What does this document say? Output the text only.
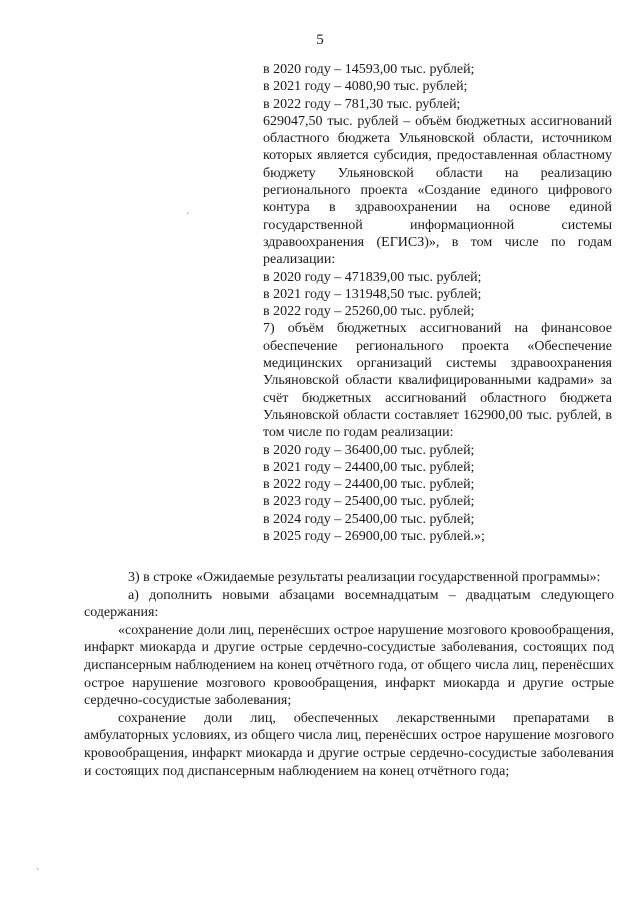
5
в 2020 году – 14593,00 тыс. рублей;
в 2021 году – 4080,90 тыс. рублей;
в 2022 году – 781,30 тыс. рублей;
629047,50 тыс. рублей – объём бюджетных ассигнований областного бюджета Ульяновской области, источником которых является субсидия, предоставленная областному бюджету Ульяновской области на реализацию регионального проекта «Создание единого цифрового контура в здравоохранении на основе единой государственной информационной системы здравоохранения (ЕГИСЗ)», в том числе по годам реализации:
в 2020 году – 471839,00 тыс. рублей;
в 2021 году – 131948,50 тыс. рублей;
в 2022 году – 25260,00 тыс. рублей;
7) объём бюджетных ассигнований на финансовое обеспечение регионального проекта «Обеспечение медицинских организаций системы здравоохранения Ульяновской области квалифицированными кадрами» за счёт бюджетных ассигнований областного бюджета Ульяновской области составляет 162900,00 тыс. рублей, в том числе по годам реализации:
в 2020 году – 36400,00 тыс. рублей;
в 2021 году – 24400,00 тыс. рублей;
в 2022 году – 24400,00 тыс. рублей;
в 2023 году – 25400,00 тыс. рублей;
в 2024 году – 25400,00 тыс. рублей;
в 2025 году – 26900,00 тыс. рублей.»;

3) в строке «Ожидаемые результаты реализации государственной программы»:

а) дополнить новыми абзацами восемнадцатым – двадцатым следующего содержания:

«сохранение доли лиц, перенёсших острое нарушение мозгового кровообращения, инфаркт миокарда и другие острые сердечно-сосудистые заболевания, состоящих под диспансерным наблюдением на конец отчётного года, от общего числа лиц, перенёсших острое нарушение мозгового кровообращения, инфаркт миокарда и другие острые сердечно-сосудистые заболевания;

сохранение доли лиц, обеспеченных лекарственными препаратами в амбулаторных условиях, из общего числа лиц, перенёсших острое нарушение мозгового кровообращения, инфаркт миокарда и другие острые сердечно-сосудистые заболевания и состоящих под диспансерным наблюдением на конец отчётного года;

ˊ
ˋ
